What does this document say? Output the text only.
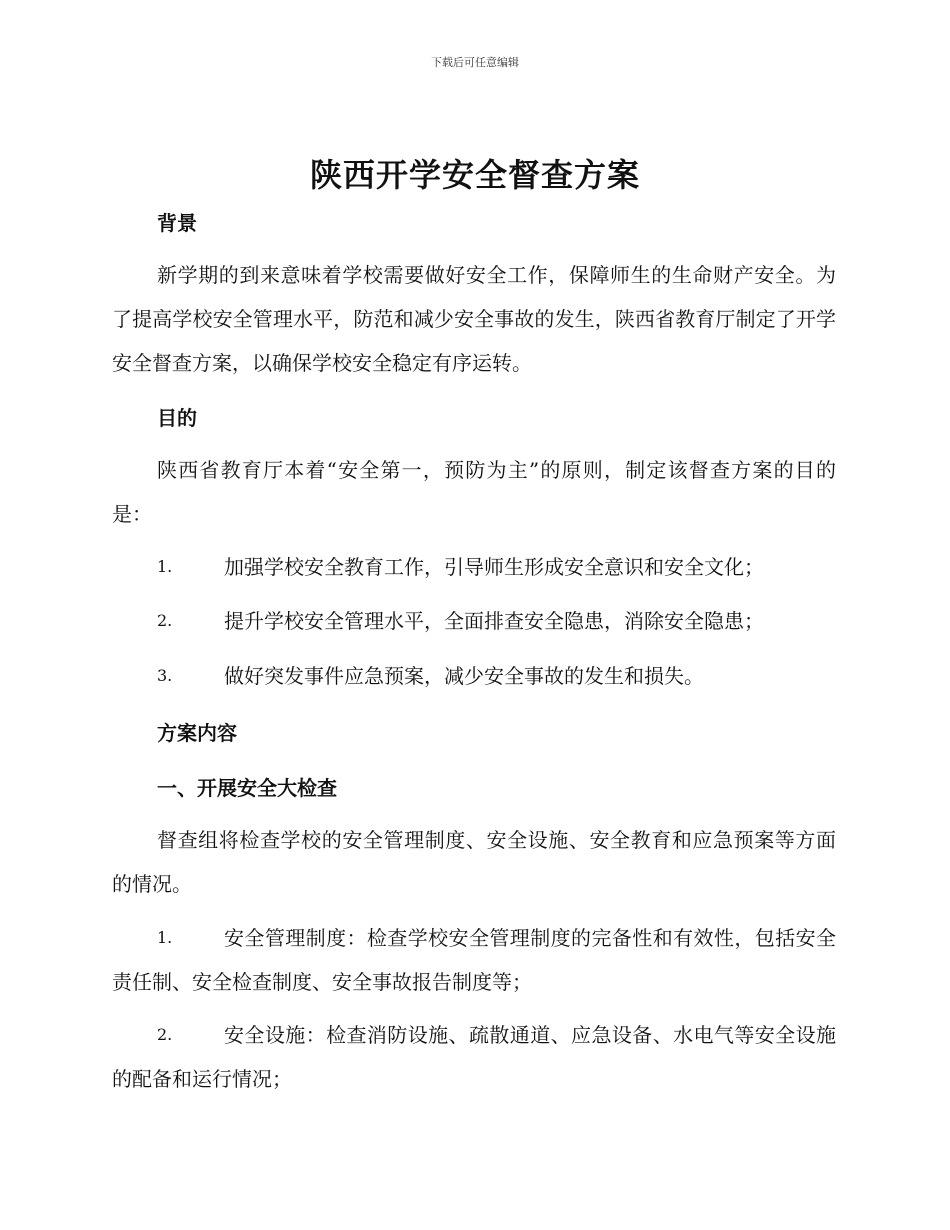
下载后可任意编辑
陕西开学安全督查方案
背景
新学期的到来意味着学校需要做好安全工作，保障师生的生命财产安全。为了提高学校安全管理水平，防范和减少安全事故的发生，陕西省教育厅制定了开学安全督查方案，以确保学校安全稳定有序运转。
目的
陕西省教育厅本着“安全第一，预防为主”的原则，制定该督查方案的目的是：
1.	加强学校安全教育工作，引导师生形成安全意识和安全文化；
2.	提升学校安全管理水平，全面排查安全隐患，消除安全隐患；
3.	做好突发事件应急预案，减少安全事故的发生和损失。
方案内容
一、开展安全大检查
督查组将检查学校的安全管理制度、安全设施、安全教育和应急预案等方面的情况。
1.	安全管理制度：检查学校安全管理制度的完备性和有效性，包括安全责任制、安全检查制度、安全事故报告制度等；
2.	安全设施：检查消防设施、疏散通道、应急设备、水电气等安全设施的配备和运行情况；
